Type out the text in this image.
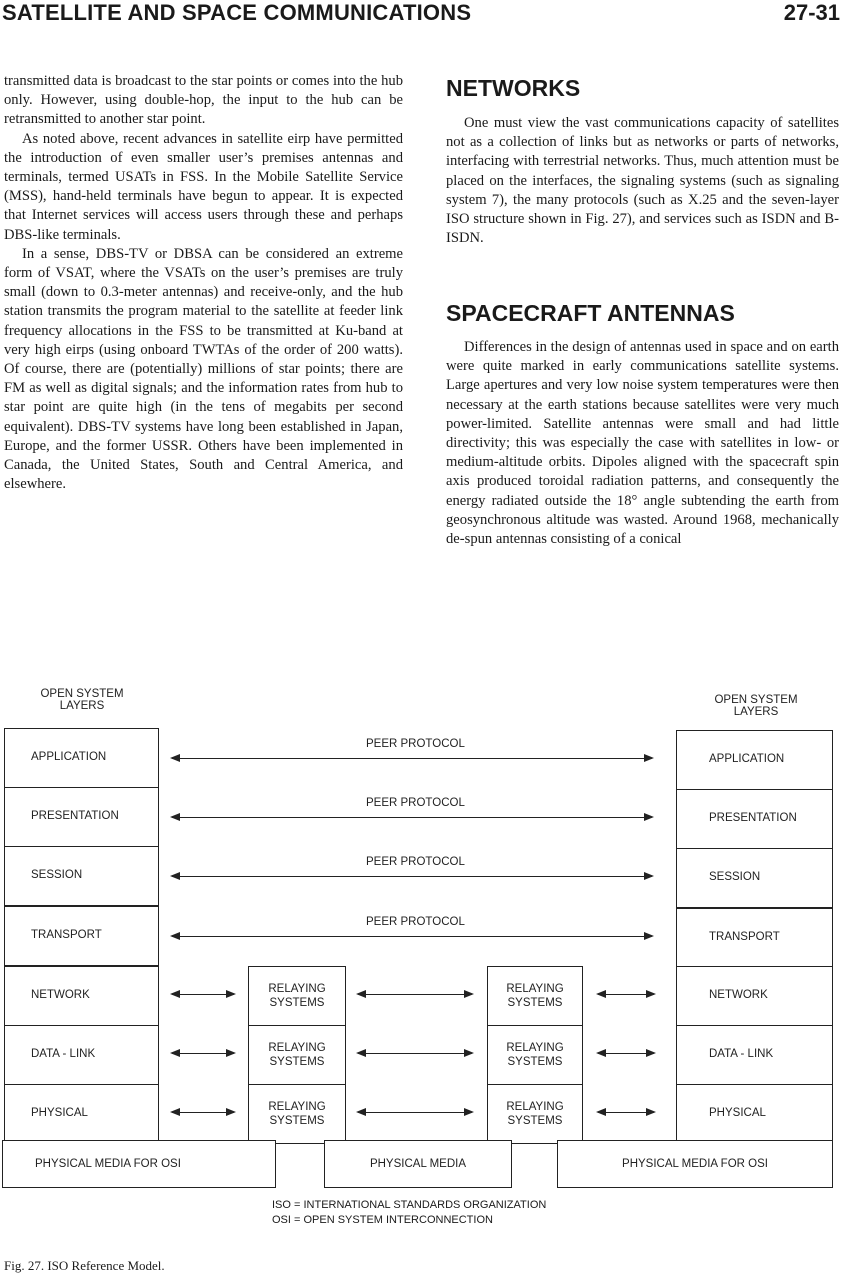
SATELLITE AND SPACE COMMUNICATIONS	27-31

transmitted data is broadcast to the star points or comes into the hub only. However, using double-hop, the input to the hub can be retransmitted to another star point.

As noted above, recent advances in satellite eirp have permitted the introduction of even smaller user’s premises antennas and terminals, termed USATs in FSS. In the Mobile Satellite Service (MSS), hand-held terminals have begun to appear. It is expected that Internet services will access users through these and perhaps DBS-like terminals.

In a sense, DBS-TV or DBSA can be considered an extreme form of VSAT, where the VSATs on the user’s premises are truly small (down to 0.3-meter antennas) and receive-only, and the hub station transmits the program material to the satellite at feeder link frequency allocations in the FSS to be transmitted at Ku-band at very high eirps (using onboard TWTAs of the order of 200 watts). Of course, there are (potentially) millions of star points; there are FM as well as digital signals; and the information rates from hub to star point are quite high (in the tens of megabits per second equivalent). DBS-TV systems have long been established in Japan, Europe, and the former USSR. Others have been implemented in Canada, the United States, South and Central America, and elsewhere.

NETWORKS

One must view the vast communications capacity of satellites not as a collection of links but as networks or parts of networks, interfacing with terrestrial networks. Thus, much attention must be placed on the interfaces, the signaling systems (such as signaling system 7), the many protocols (such as X.25 and the seven-layer ISO structure shown in Fig. 27), and services such as ISDN and B-ISDN.

SPACECRAFT ANTENNAS

Differences in the design of antennas used in space and on earth were quite marked in early communications satellite systems. Large apertures and very low noise system temperatures were then necessary at the earth stations because satellites were very much power-limited. Satellite antennas were small and had little directivity; this was especially the case with satellites in low- or medium-altitude orbits. Dipoles aligned with the spacecraft spin axis produced toroidal radiation patterns, and consequently the energy radiated outside the 18° angle subtending the earth from geosynchronous altitude was wasted. Around 1968, mechanically de-spun antennas consisting of a conical

OPEN SYSTEM
LAYERS	OPEN SYSTEM
LAYERS
APPLICATION	APPLICATION
PEER PROTOCOL
PRESENTATION	PRESENTATION
PEER PROTOCOL
SESSION	SESSION
PEER PROTOCOL
TRANSPORT	TRANSPORT
PEER PROTOCOL
NETWORK	NETWORK
RELAYING
SYSTEMS
RELAYING
SYSTEMS
DATA - LINK	DATA - LINK
RELAYING
SYSTEMS
RELAYING
SYSTEMS
PHYSICAL	PHYSICAL
RELAYING
SYSTEMS
RELAYING
SYSTEMS
PHYSICAL MEDIA FOR OSI	PHYSICAL MEDIA	PHYSICAL MEDIA FOR OSI
ISO = INTERNATIONAL STANDARDS ORGANIZATION
OSI = OPEN SYSTEM INTERCONNECTION
Fig. 27. ISO Reference Model.
